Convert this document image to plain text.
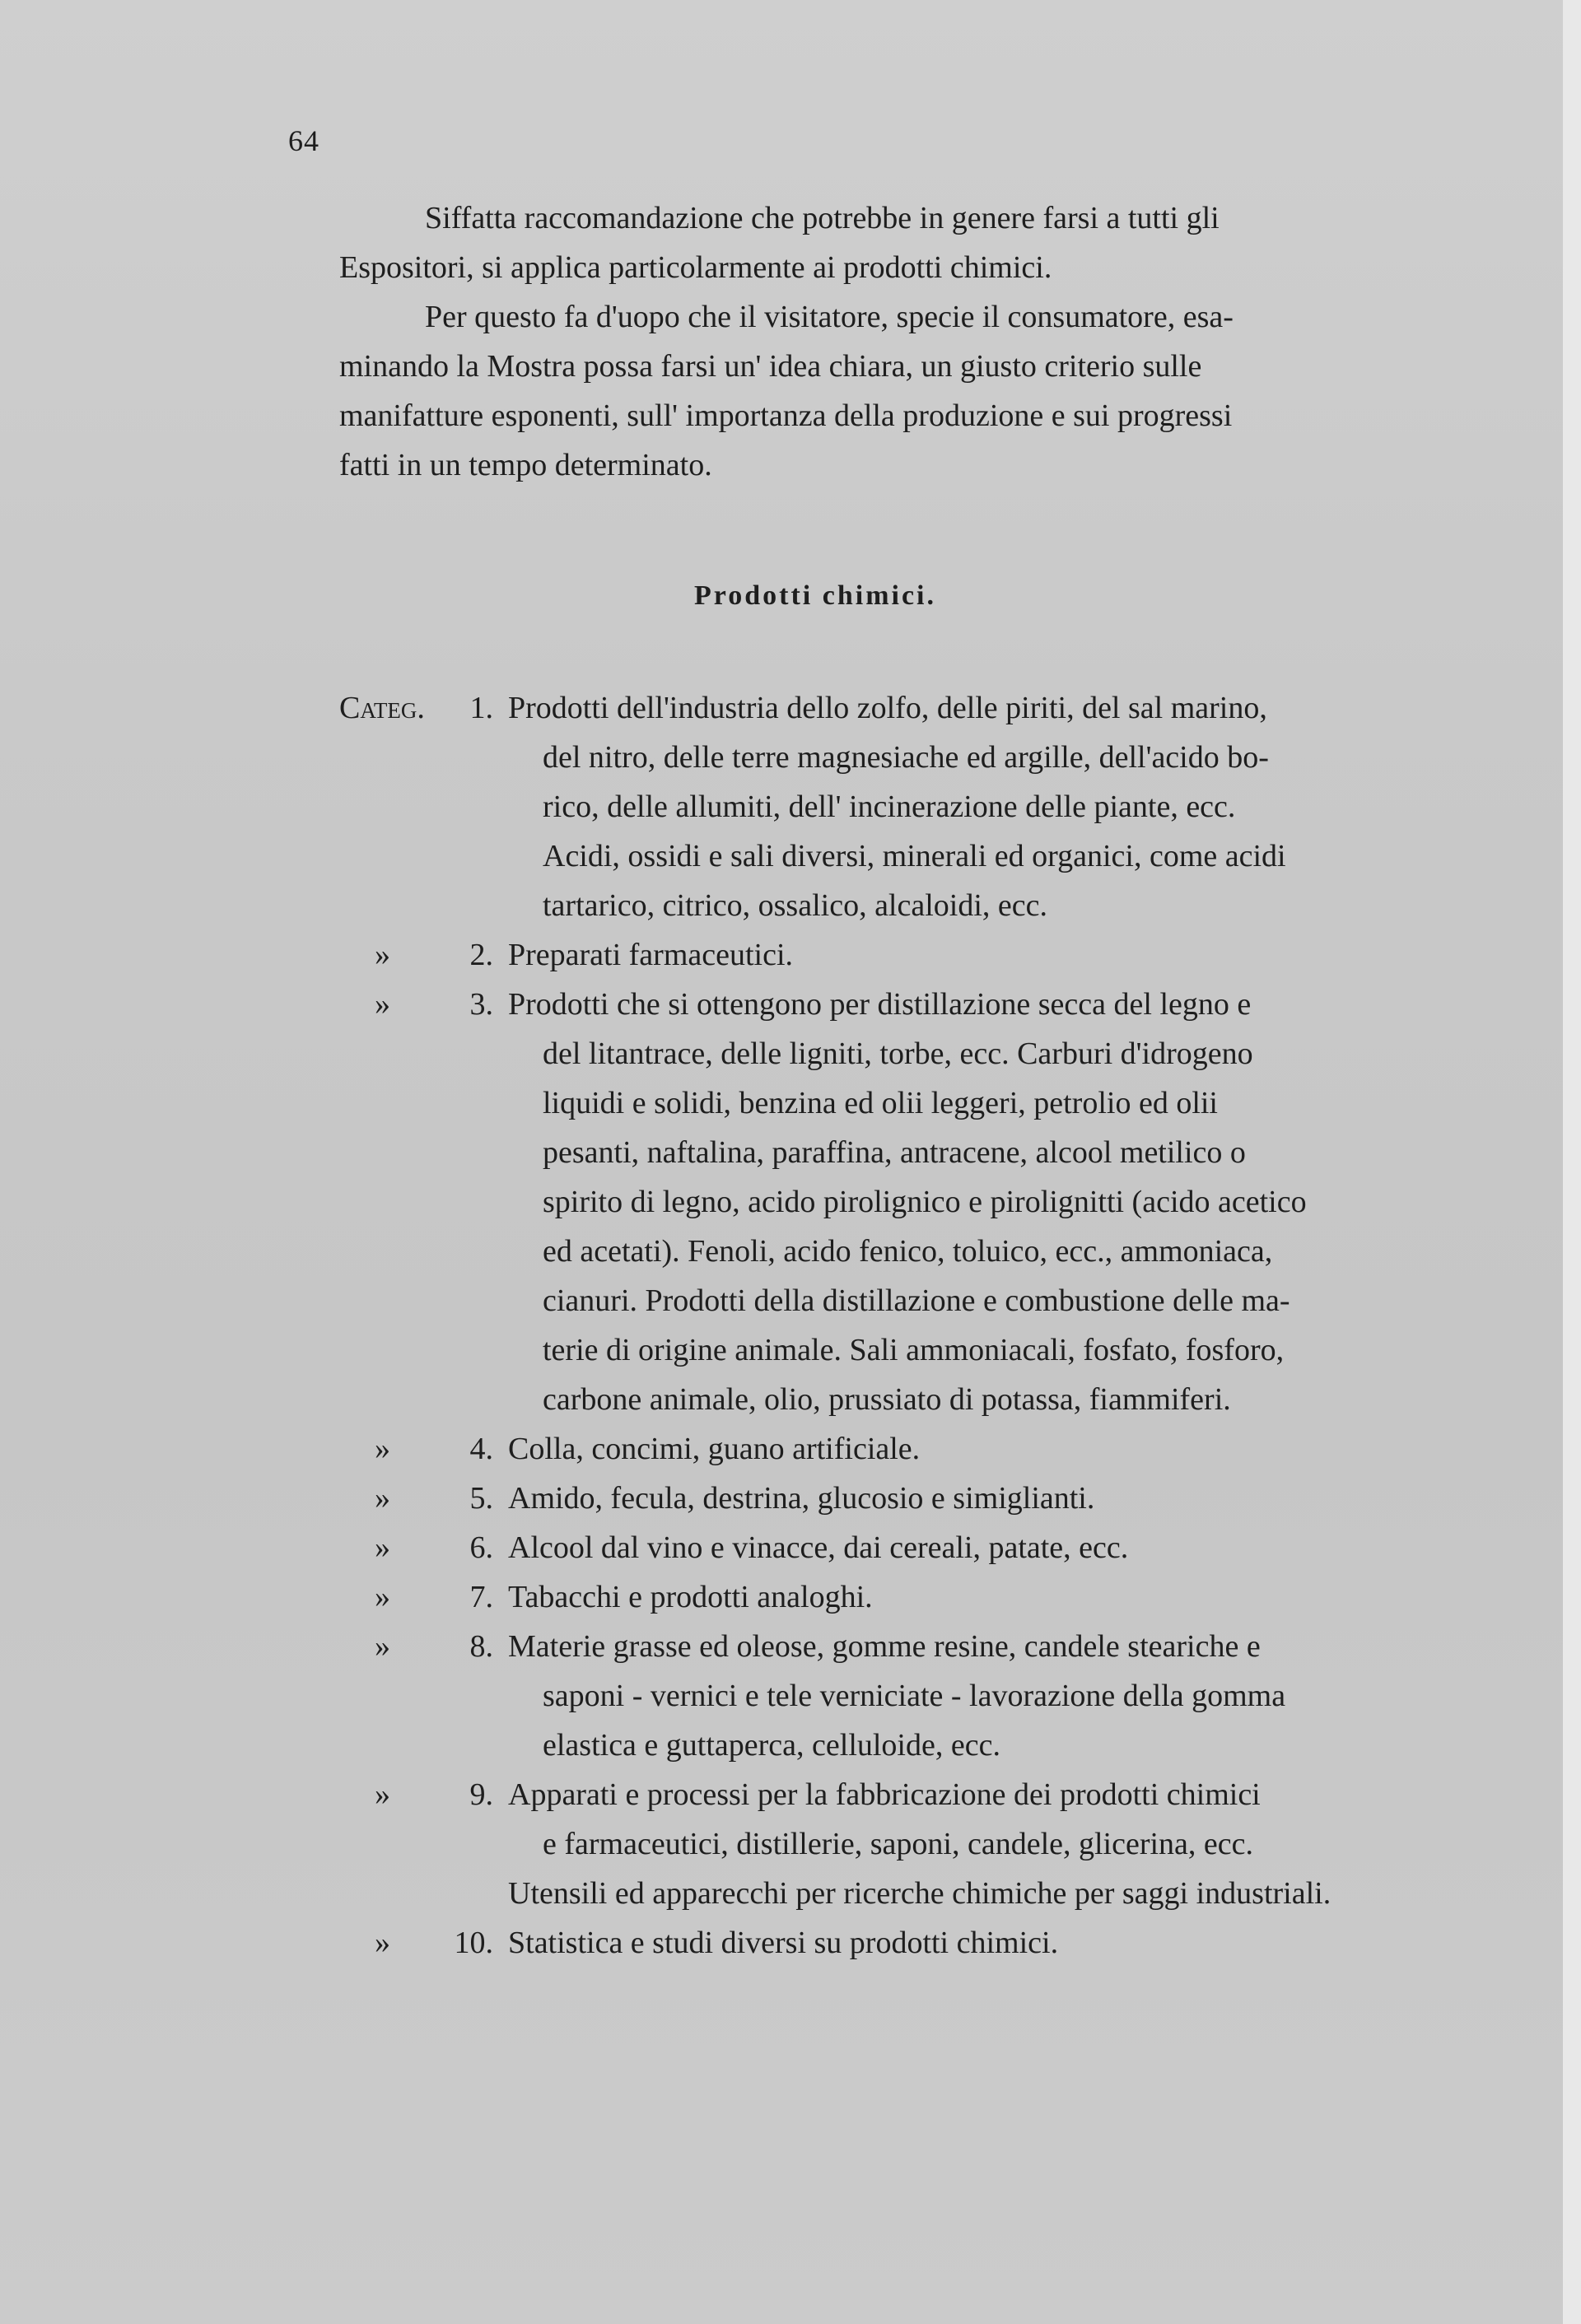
64

Siffatta raccomandazione che potrebbe in genere farsi a tutti gli
Espositori, si applica particolarmente ai prodotti chimici.

Per questo fa d'uopo che il visitatore, specie il consumatore, esa-
minando la Mostra possa farsi un' idea chiara, un giusto criterio sulle
manifatture esponenti, sull' importanza della produzione e sui progressi
fatti in un tempo determinato.

Prodotti chimici.
Categ.	1. Prodotti dell'industria dello zolfo, delle piriti, del sal marino,
del nitro, delle terre magnesiache ed argille, dell'acido bo-
rico, delle allumiti, dell' incinerazione delle piante, ecc.
Acidi, ossidi e sali diversi, minerali ed organici, come acidi
tartarico, citrico, ossalico, alcaloidi, ecc.
»	2. Preparati farmaceutici.
»	3. Prodotti che si ottengono per distillazione secca del legno e
del litantrace, delle ligniti, torbe, ecc. Carburi d'idrogeno
liquidi e solidi, benzina ed olii leggeri, petrolio ed olii
pesanti, naftalina, paraffina, antracene, alcool metilico o
spirito di legno, acido pirolignico e pirolignitti (acido acetico
ed acetati). Fenoli, acido fenico, toluico, ecc., ammoniaca,
cianuri. Prodotti della distillazione e combustione delle ma-
terie di origine animale. Sali ammoniacali, fosfato, fosforo,
carbone animale, olio, prussiato di potassa, fiammiferi.
»	4. Colla, concimi, guano artificiale.
»	5. Amido, fecula, destrina, glucosio e simiglianti.
»	6. Alcool dal vino e vinacce, dai cereali, patate, ecc.
»	7. Tabacchi e prodotti analoghi.
»	8. Materie grasse ed oleose, gomme resine, candele steariche e
saponi - vernici e tele verniciate - lavorazione della gomma
elastica e guttaperca, celluloide, ecc.
»	9. Apparati e processi per la fabbricazione dei prodotti chimici
e farmaceutici, distillerie, saponi, candele, glicerina, ecc.
Utensili ed apparecchi per ricerche chimiche per saggi industriali.
»	10. Statistica e studi diversi su prodotti chimici.
